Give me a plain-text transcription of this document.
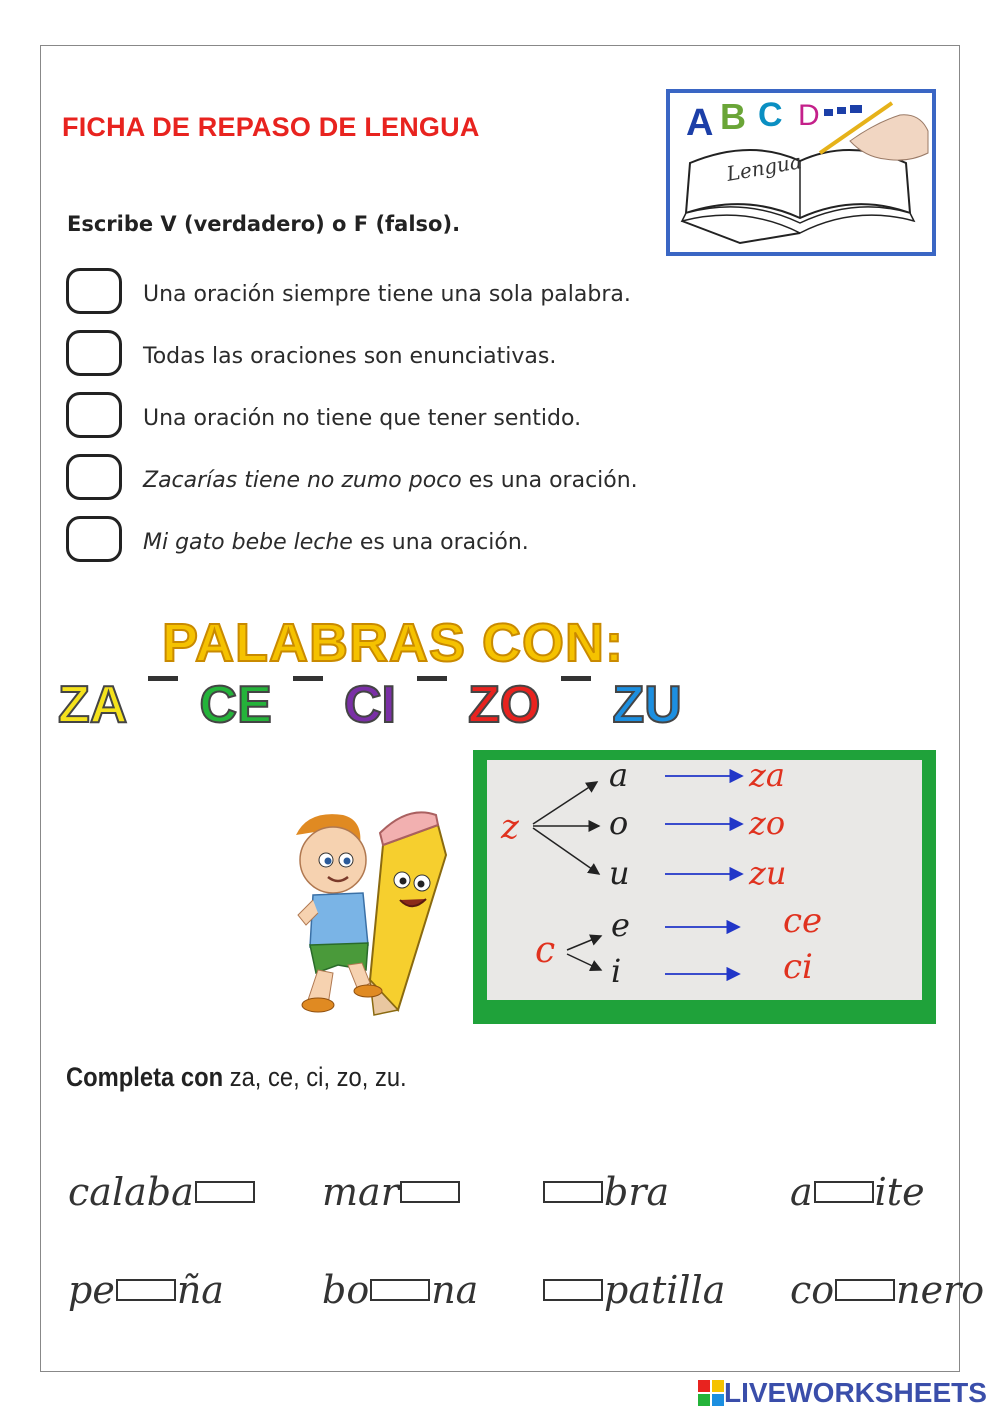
FICHA DE REPASO DE LENGUA	A B C D
Lengua
Escribe V (verdadero) o F (falso).
Una oración siempre tiene una sola palabra.
Todas las oraciones son enunciativas.
Una oración no tiene que tener sentido.
Zacarías tiene no zumo poco es una oración.
Mi gato bebe leche es una oración.
PALABRAS CON:
ZA CE CI ZO ZU
z
a
o
u
za
zo
zu
c
e
i
ce
ci
Completa con za, ce, ci, zo, zu.
calaba	mar	bra	a ite
pe ña	bo na	patilla co nero
LIVEWORKSHEETS
